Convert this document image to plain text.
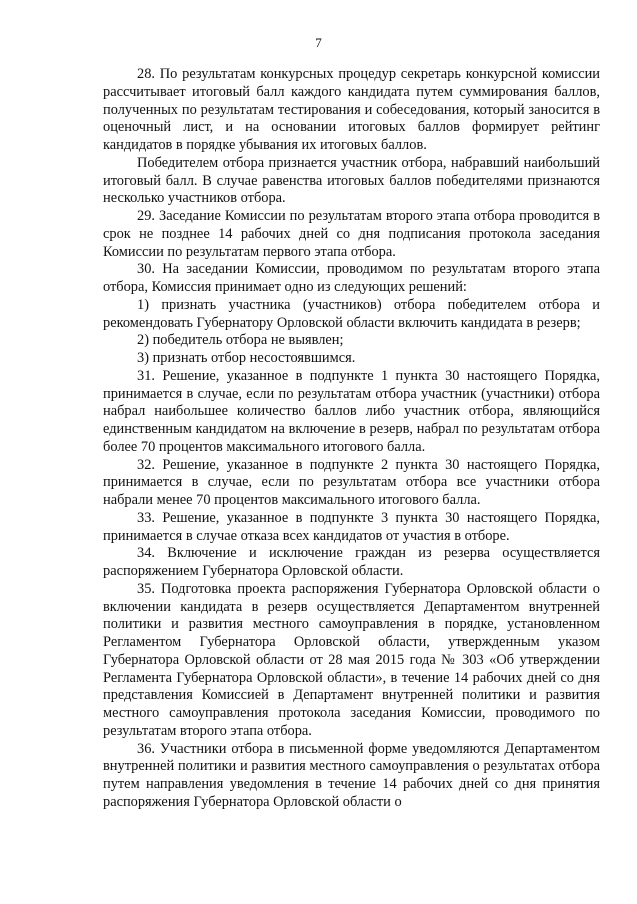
7

28. По результатам конкурсных процедур секретарь конкурсной комиссии рассчитывает итоговый балл каждого кандидата путем суммирования баллов, полученных по результатам тестирования и собеседования, который заносится в оценочный лист, и на основании итоговых баллов формирует рейтинг кандидатов в порядке убывания их итоговых баллов.

Победителем отбора признается участник отбора, набравший наибольший итоговый балл. В случае равенства итоговых баллов победителями признаются несколько участников отбора.

29. Заседание Комиссии по результатам второго этапа отбора проводится в срок не позднее 14 рабочих дней со дня подписания протокола заседания Комиссии по результатам первого этапа отбора.

30. На заседании Комиссии, проводимом по результатам второго этапа отбора, Комиссия принимает одно из следующих решений:

1) признать участника (участников) отбора победителем отбора и рекомендовать Губернатору Орловской области включить кандидата в резерв;

2) победитель отбора не выявлен;

3) признать отбор несостоявшимся.

31. Решение, указанное в подпункте 1 пункта 30 настоящего Порядка, принимается в случае, если по результатам отбора участник (участники) отбора набрал наибольшее количество баллов либо участник отбора, являющийся единственным кандидатом на включение в резерв, набрал по результатам отбора более 70 процентов максимального итогового балла.

32. Решение, указанное в подпункте 2 пункта 30 настоящего Порядка, принимается в случае, если по результатам отбора все участники отбора набрали менее 70 процентов максимального итогового балла.

33. Решение, указанное в подпункте 3 пункта 30 настоящего Порядка, принимается в случае отказа всех кандидатов от участия в отборе.

34. Включение и исключение граждан из резерва осуществляется распоряжением Губернатора Орловской области.

35. Подготовка проекта распоряжения Губернатора Орловской области о включении кандидата в резерв осуществляется Департаментом внутренней политики и развития местного самоуправления в порядке, установленном Регламентом Губернатора Орловской области, утвержденным указом Губернатора Орловской области от 28 мая 2015 года № 303 «Об утверждении Регламента Губернатора Орловской области», в течение 14 рабочих дней со дня представления Комиссией в Департамент внутренней политики и развития местного самоуправления протокола заседания Комиссии, проводимого по результатам второго этапа отбора.

36. Участники отбора в письменной форме уведомляются Департаментом внутренней политики и развития местного самоуправления о результатах отбора путем направления уведомления в течение 14 рабочих дней со дня принятия распоряжения Губернатора Орловской области о
